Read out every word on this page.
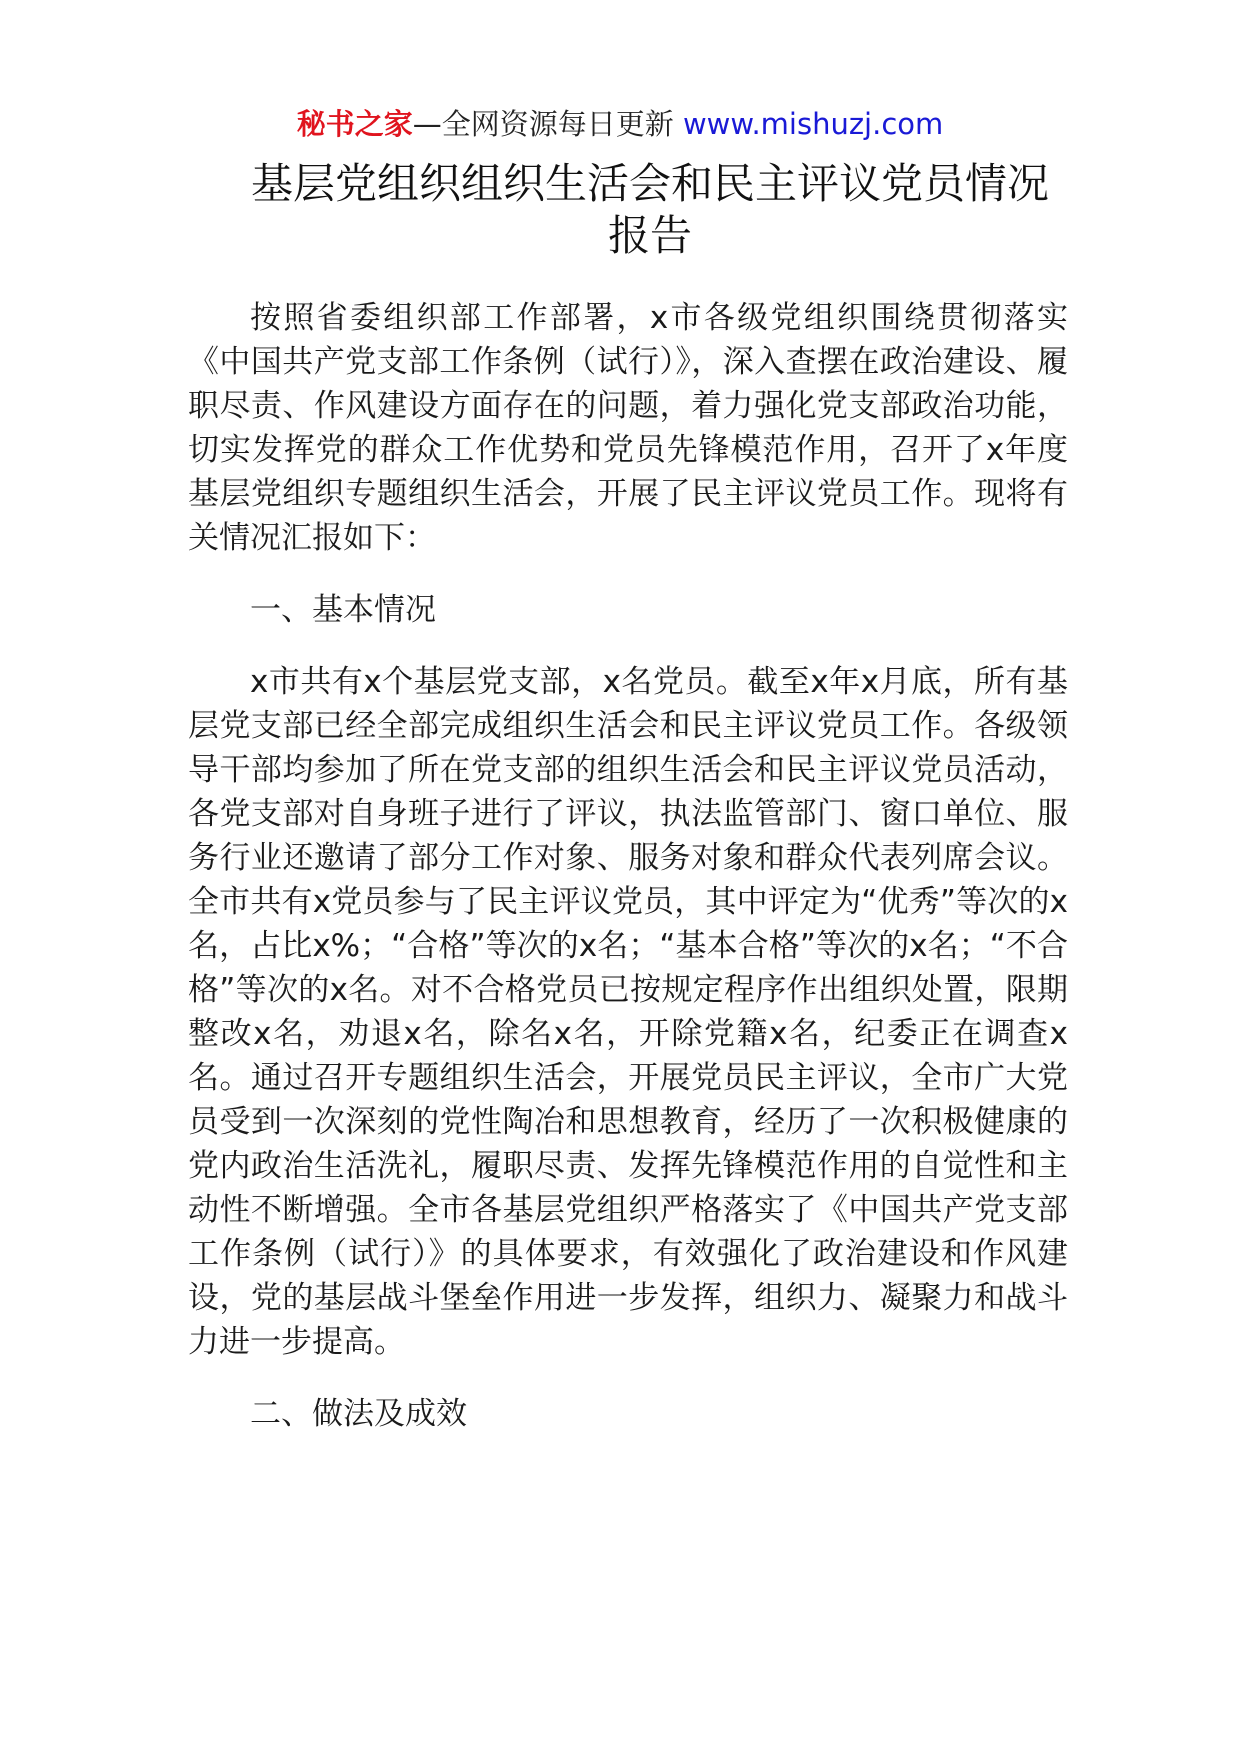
秘书之家—全网资源每日更新 www.mishuzj.com
基层党组织组织生活会和民主评议党员情况报告

按照省委组织部工作部署，x市各级党组织围绕贯彻落实《中国共产党支部工作条例（试行）》，深入查摆在政治建设、履职尽责、作风建设方面存在的问题，着力强化党支部政治功能，切实发挥党的群众工作优势和党员先锋模范作用，召开了x年度基层党组织专题组织生活会，开展了民主评议党员工作。现将有关情况汇报如下：

一、基本情况

x市共有x个基层党支部，x名党员。截至x年x月底，所有基层党支部已经全部完成组织生活会和民主评议党员工作。各级领导干部均参加了所在党支部的组织生活会和民主评议党员活动，各党支部对自身班子进行了评议，执法监管部门、窗口单位、服务行业还邀请了部分工作对象、服务对象和群众代表列席会议。全市共有x党员参与了民主评议党员，其中评定为“优秀”等次的x名，占比x%；“合格”等次的x名；“基本合格”等次的x名；“不合格”等次的x名。对不合格党员已按规定程序作出组织处置，限期整改x名，劝退x名，除名x名，开除党籍x名，纪委正在调查x名。通过召开专题组织生活会，开展党员民主评议，全市广大党员受到一次深刻的党性陶冶和思想教育，经历了一次积极健康的党内政治生活洗礼，履职尽责、发挥先锋模范作用的自觉性和主动性不断增强。全市各基层党组织严格落实了《中国共产党支部工作条例（试行）》的具体要求，有效强化了政治建设和作风建设，党的基层战斗堡垒作用进一步发挥，组织力、凝聚力和战斗力进一步提高。

二、做法及成效
